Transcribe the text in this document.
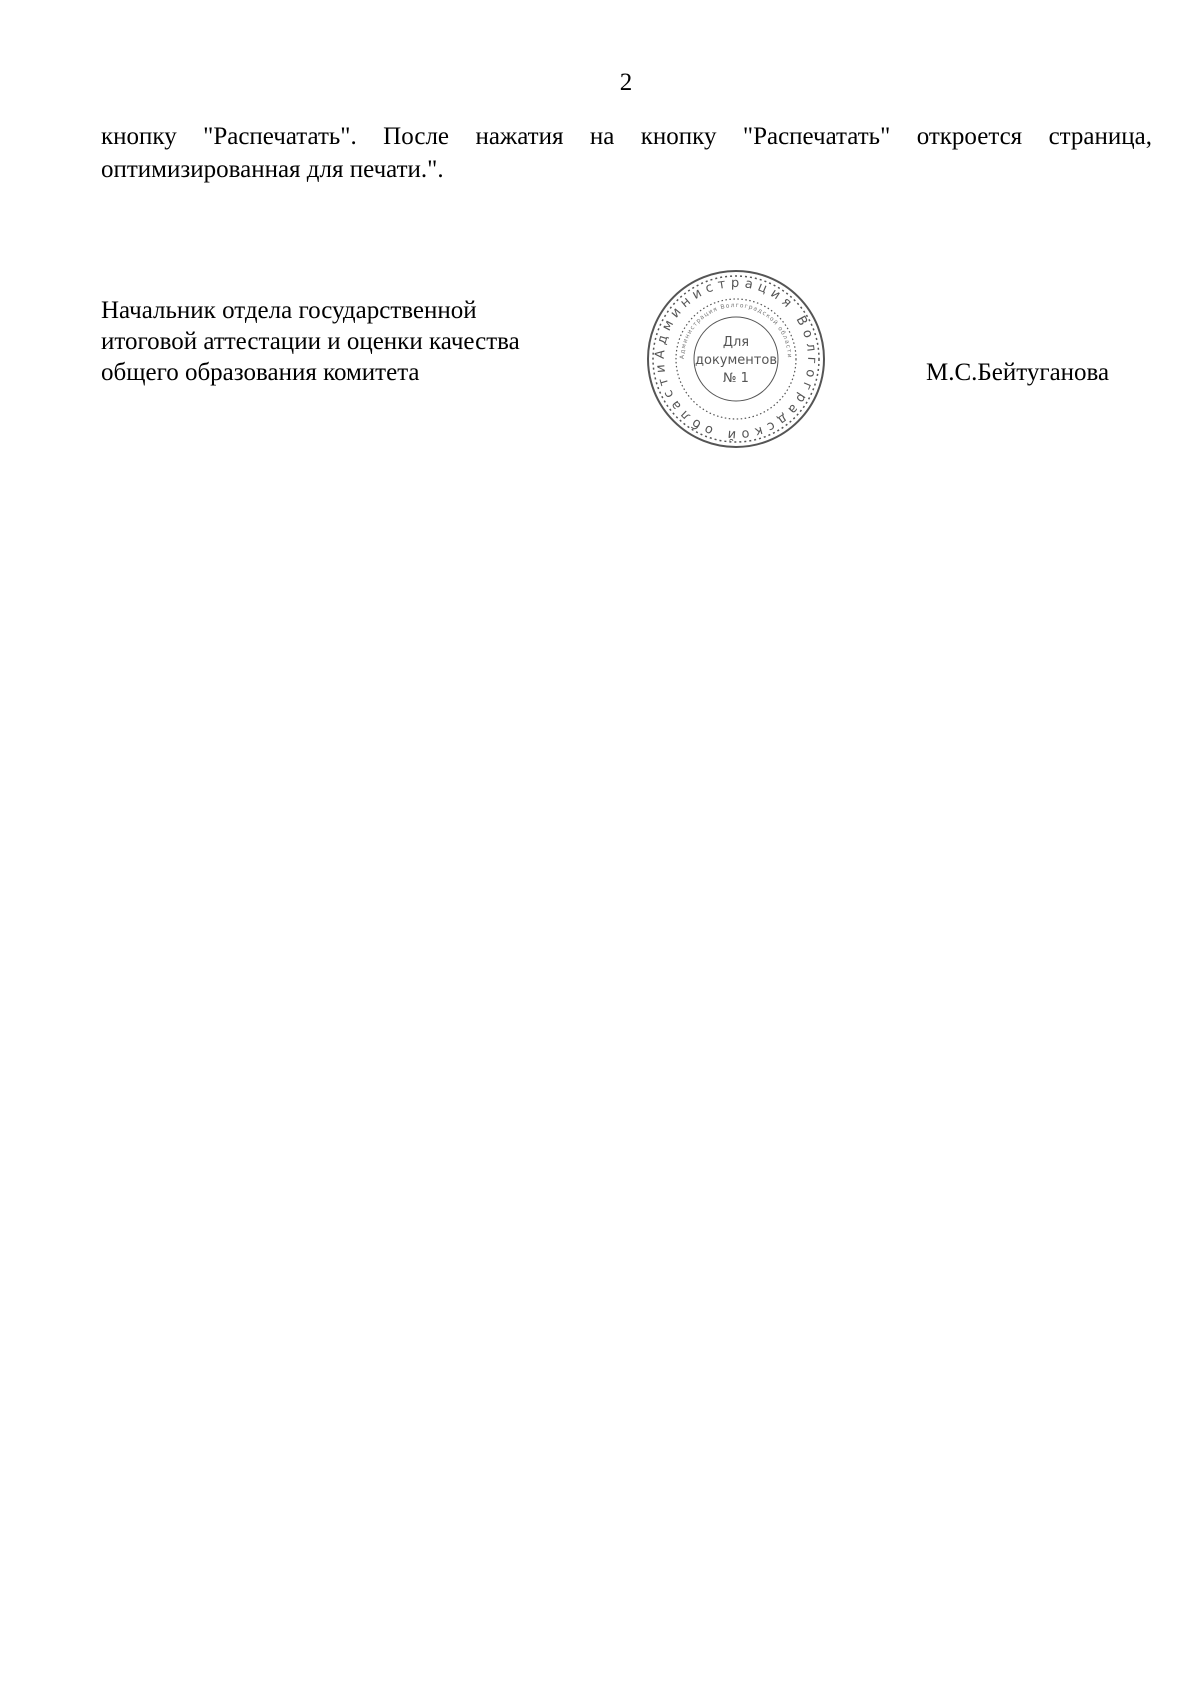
2
кнопку "Распечатать". После нажатия на кнопку "Распечатать" откроется страница,
оптимизированная для печати.".
Начальник отдела государственной
итоговой аттестации и оценки качества
общего образования комитета
Администрация Волгоградской области
Администрация Волгоградской области
Для
документов
№ 1	М.С.Бейтуганова
